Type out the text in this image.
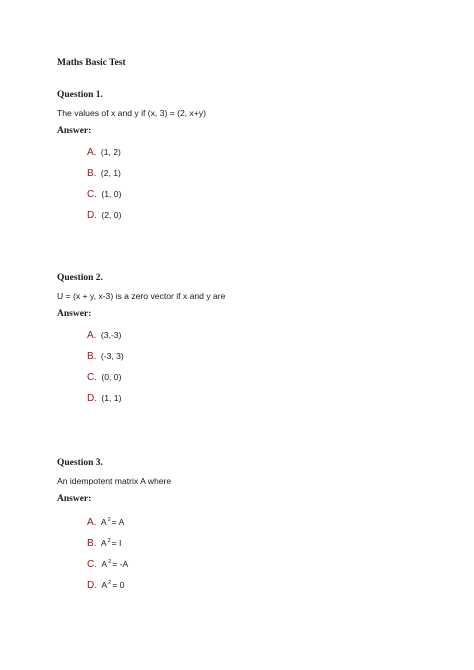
Maths Basic Test
Question 1.
The values of x and y if (x, 3) = (2, x+y)
Answer:
A. (1, 2)
B. (2, 1)
C. (1, 0)
D. (2, 0)
Question 2.
U = (x + y, x-3) is a zero vector if x and y are
Answer:
A. (3,-3)
B. (-3, 3)
C. (0, 0)
D. (1, 1)
Question 3.
An idempotent matrix A where
Answer:
A. $A^2= A$
B. $A^2= I$
C. $A^2= -A$
D. $A^2= 0$
